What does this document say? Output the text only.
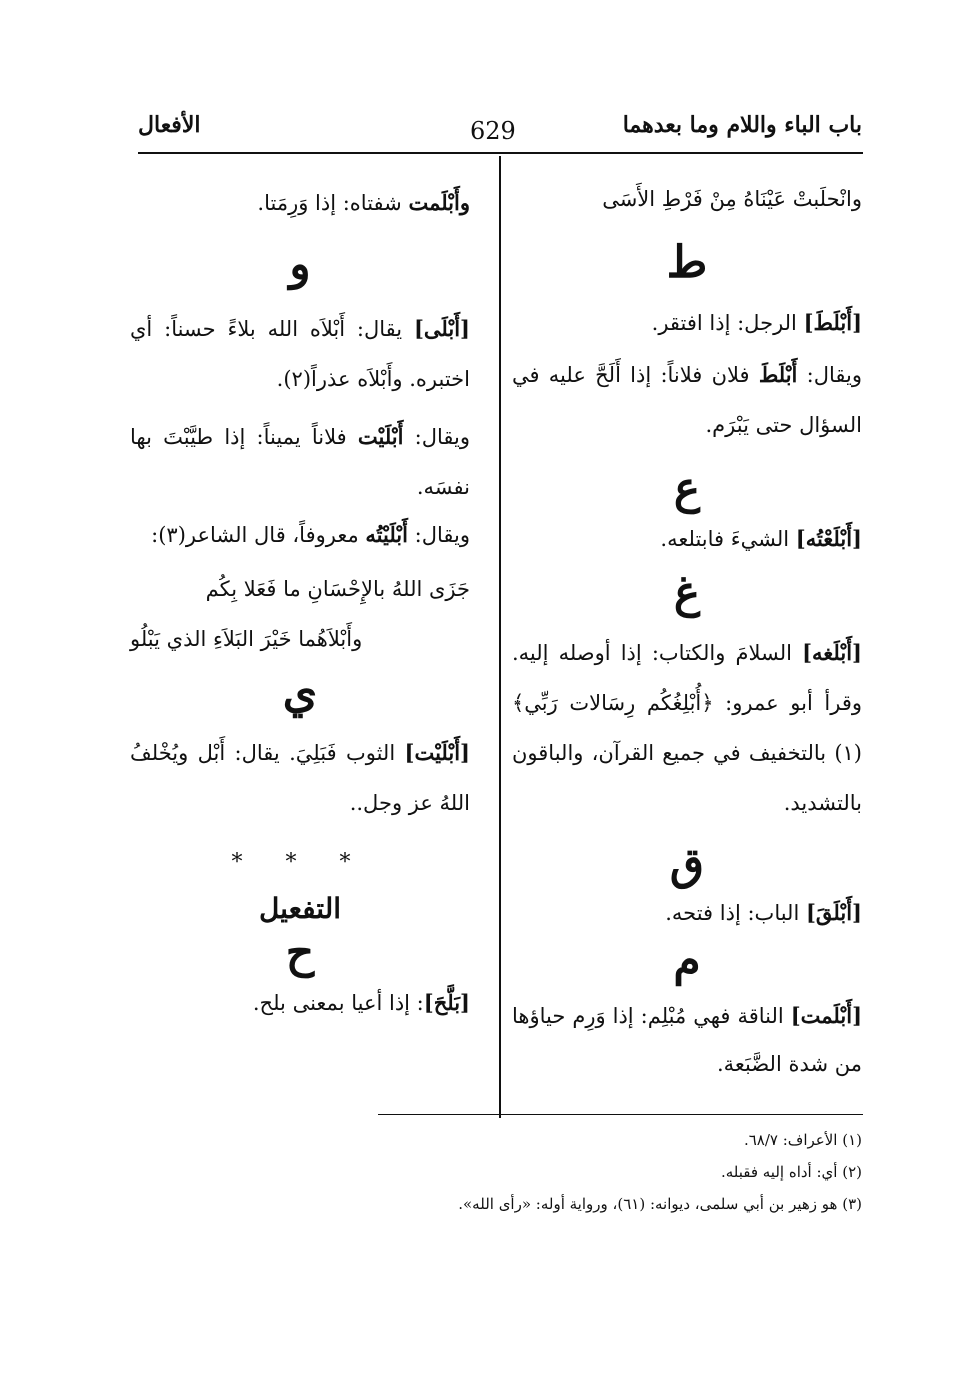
باب الباء واللام وما بعدهما
629
الأفعال

وانْحلَبتْ عَيْنَاهُ مِنْ فَرْطِ الأَسَى

ط

[أَبْلَطَ] الرجل: إذا افتقر.

ويقال: أَبْلَطَ فلان فلاناً: إذا أَلَحَّ عليه في السؤال حتى يَبْرَم.

ع

[أَبْلَعْتُه] الشيءَ فابتلعه.

غ

[أَبْلَغه] السلامَ والكتاب: إذا أوصله إليه. وقرأ أبو عمرو: ﴿أُبْلِغُكُم رِسَالات رَبِّي﴾(١) بالتخفيف في جميع القرآن، والباقون بالتشديد.

ق

[أَبْلَقَ] الباب: إذا فتحه.

م

[أَبْلَمت] الناقة فهي مُبْلِم: إذا وَرِم حياؤها من شدة الضَّبَعة.

وأَبْلَمت شفتاه: إذا وَرِمَتا.

و

[أَبْلَى] يقال: أَبْلاَه الله بلاءً حسناً: أي اختبره. وأَبْلاَه عذراً(٢).

ويقال: أَبْلَيْت فلاناً يميناً: إذا طيَّبْتَ بها نفسَه.

ويقال: أَبْلَيْتُه معروفاً، قال الشاعر(٣):

جَزَى اللهُ بالإِحْسَانِ ما فَعَلا بِكُم

وأَبْلاَهُما خَيْرَ البَلاَءِ الذي يَبْلُو

ي

[أَبْلَيْت] الثوب فَبَلِيَ. يقال: أَبْل ويُخْلفُ اللهُ عز وجل..

* * *
التفعيل
ح

[بَلَّحَ]: إذا أعيا بمعنى بلح.

(١) الأعراف: ٦٨/٧.

(٢) أي: أداه إليه فقبله.

(٣) هو زهير بن أبي سلمى، ديوانه: (٦١)، ورواية أوله: «رأى الله».
